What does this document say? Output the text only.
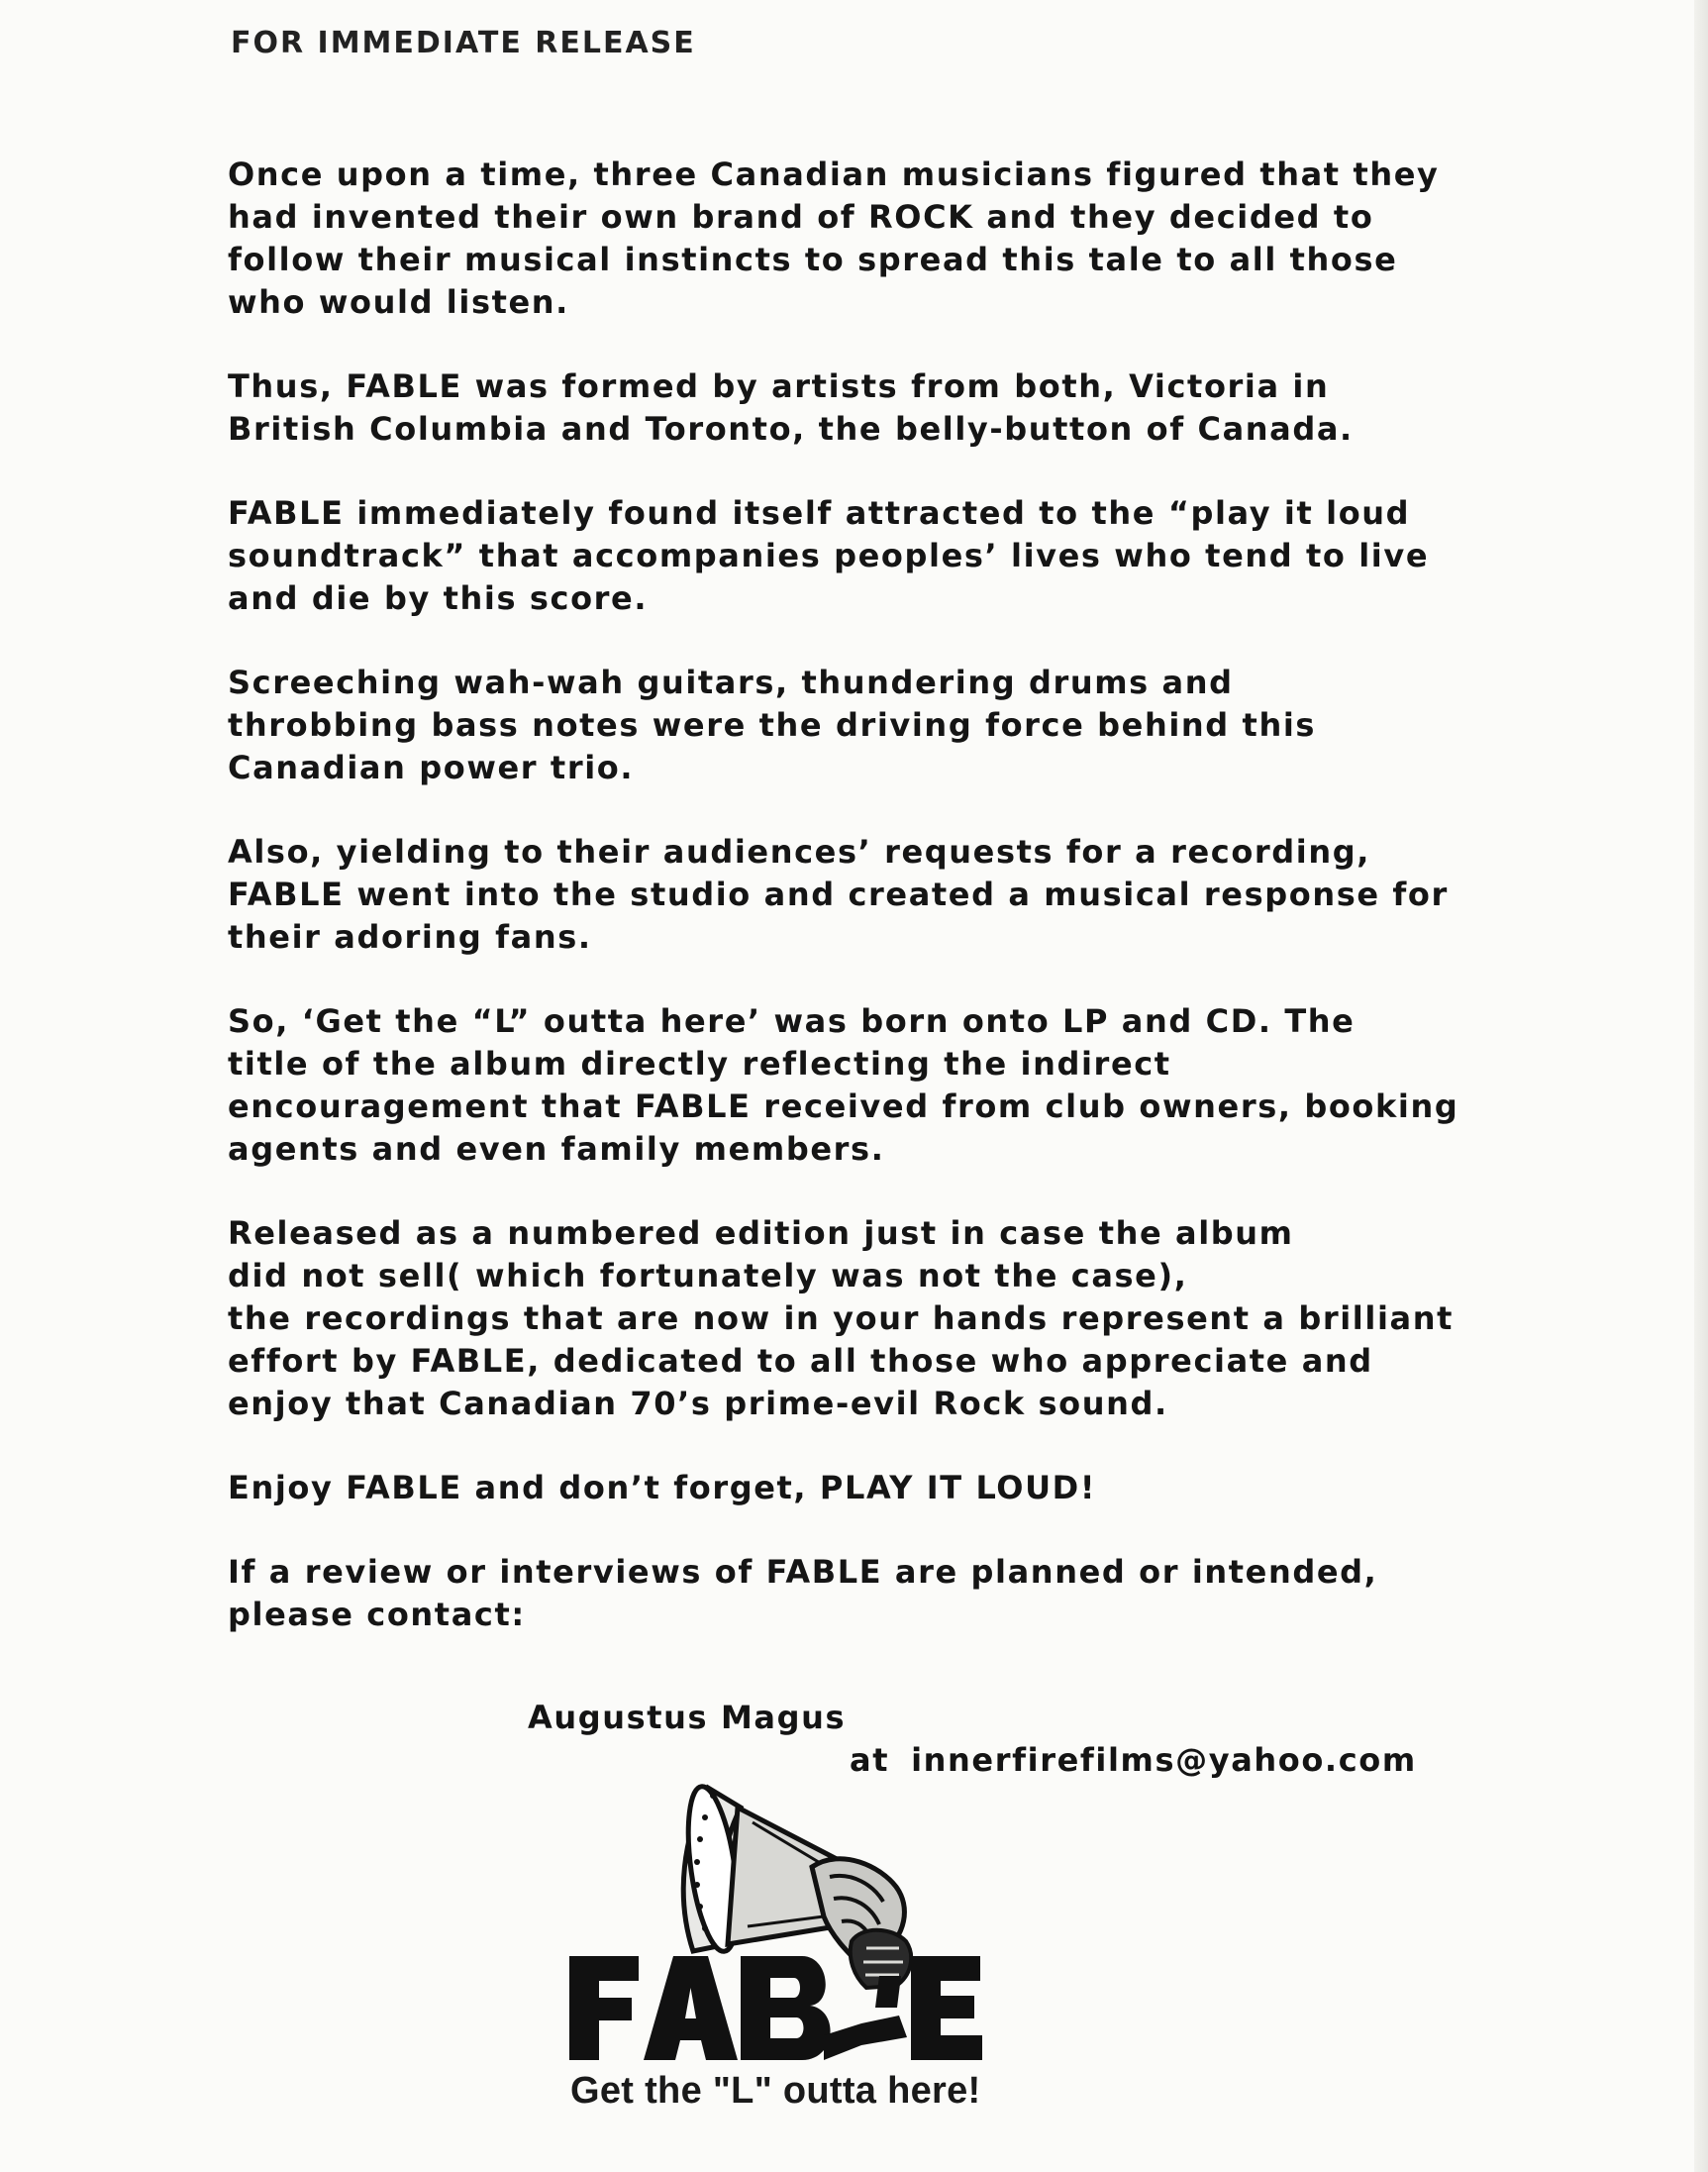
FOR IMMEDIATE RELEASE

Once upon a time, three Canadian musicians figured that they
had invented their own brand of ROCK and they decided to
follow their musical instincts to spread this tale to all those
who would listen.

Thus, FABLE was formed by artists from both, Victoria in
British Columbia and Toronto, the belly-button of Canada.

FABLE immediately found itself attracted to the “play it loud
soundtrack” that accompanies peoples’ lives who tend to live
and die by this score.

Screeching wah-wah guitars, thundering drums and
throbbing bass notes were the driving force behind this
Canadian power trio.

Also, yielding to their audiences’ requests for a recording,
FABLE went into the studio and created a musical response for
their adoring fans.

So, ‘Get the “L” outta here’ was born onto LP and CD. The
title of the album directly reflecting the indirect
encouragement that FABLE received from club owners, booking
agents and even family members.

Released as a numbered edition just in case the album
did not sell( which fortunately was not the case),
the recordings that are now in your hands represent a brilliant
effort by FABLE, dedicated to all those who appreciate and
enjoy that Canadian 70’s prime-evil Rock sound.

Enjoy FABLE and don’t forget, PLAY IT LOUD!

If a review or interviews of FABLE are planned or intended,
please contact:

Augustus Magus
at innerfirefilms@yahoo.com
Get the "L" outta here!
